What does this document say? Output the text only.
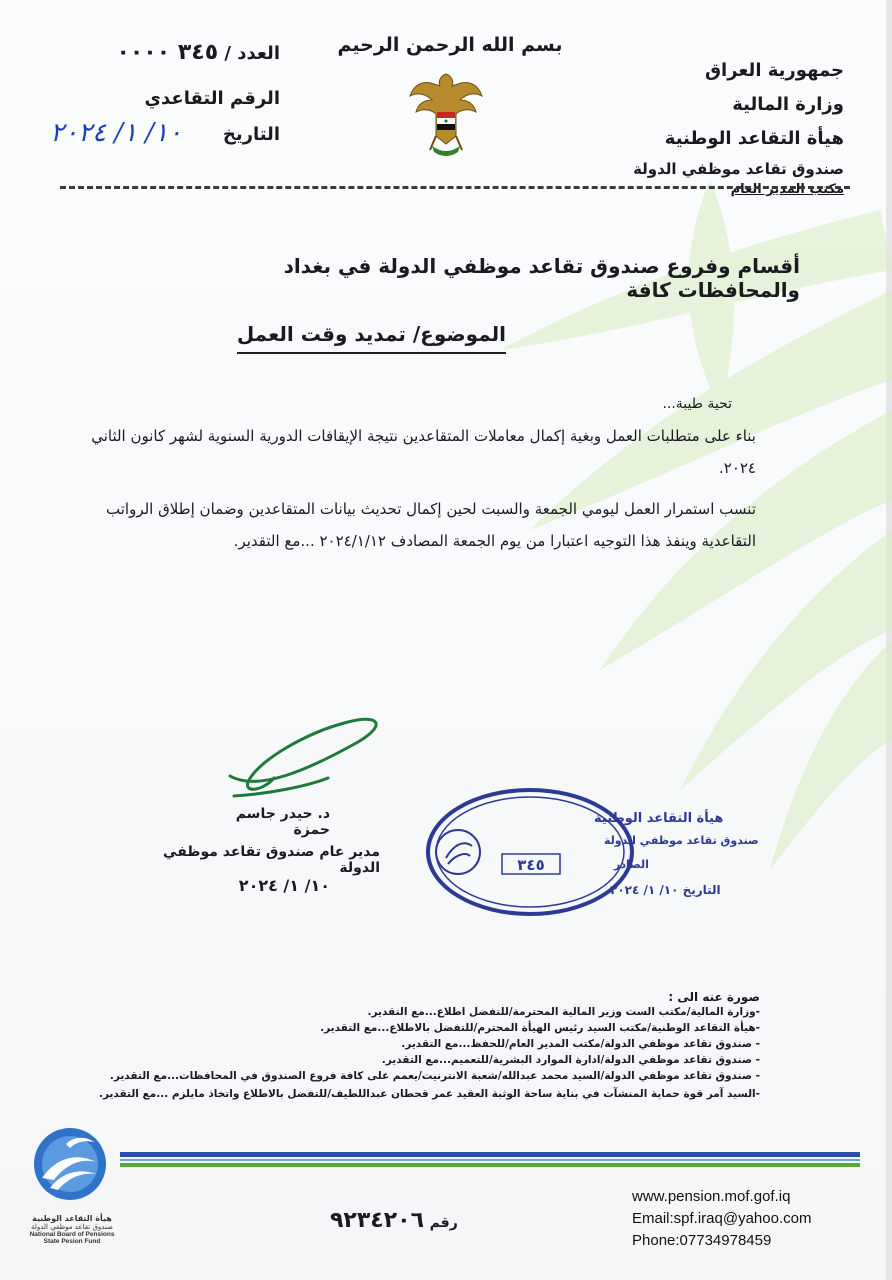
بسم الله الرحمن الرحيم
جمهورية العراق
وزارة المالية
هيأة التقاعد الوطنية
صندوق تقاعد موظفي الدولة
مكتب المدير العام
العدد / ٣٤٥ ٠٠٠٠
الرقم التقاعدي
التاريخ
١٠/ ١/ ٢٠٢٤
أقسام وفروع صندوق تقاعد موظفي الدولة في بغداد والمحافظات كافة
الموضوع/ تمديد وقت العمل
تحية طيبة...
بناء على متطلبات العمل وبغية إكمال معاملات المتقاعدين نتيجة الإيقافات الدورية السنوية لشهر كانون الثاني ٢٠٢٤.
تنسب استمرار العمل ليومي الجمعة والسبت لحين إكمال تحديث بيانات المتقاعدين وضمان إطلاق الرواتب التقاعدية وينفذ هذا التوجيه اعتبارا من يوم الجمعة المصادف ٢٠٢٤/١/١٢ ...مع التقدير.
د. حيدر جاسم حمزة
مدير عام صندوق تقاعد موظفي الدولة
١٠/ ١/ ٢٠٢٤
هيأة التقاعد الوطنية
صندوق تقاعد موظفي الدولة
الصادر
٣٤٥
التاريخ ١٠/ ١/ ٢٠٢٤
صورة عنه الى :
-وزارة المالية/مكتب الست وزير المالية المحترمة/للتفضل اطلاع...مع التقدير.
-هيأة التقاعد الوطنية/مكتب السيد رئيس الهيأة المحترم/للتفضل بالاطلاع...مع التقدير.
- صندوق تقاعد موظفي الدولة/مكتب المدير العام/للحفظ...مع التقدير.
- صندوق تقاعد موظفي الدولة/ادارة الموارد البشرية/للتعميم...مع التقدير.
- صندوق تقاعد موظفي الدولة/السيد محمد عبدالله/شعبة الانترنيت/يعمم على كافة فروع الصندوق في المحافظات...مع التقدير.
-السيد آمر قوة حماية المنشآت في بناية ساحة الوثبة العقيد عمر قحطان عبداللطيف/للتفضل بالاطلاع واتخاذ مايلزم ...مع التقدير.
هيأة التقاعد الوطنية
صندوق تقاعد موظفي الدولة
National Board of Pensions
State Pesion Fund
رقم ٩٢٣٤٢٠٦
www.pension.mof.gof.iq
Email:spf.iraq@yahoo.com
Phone:07734978459
